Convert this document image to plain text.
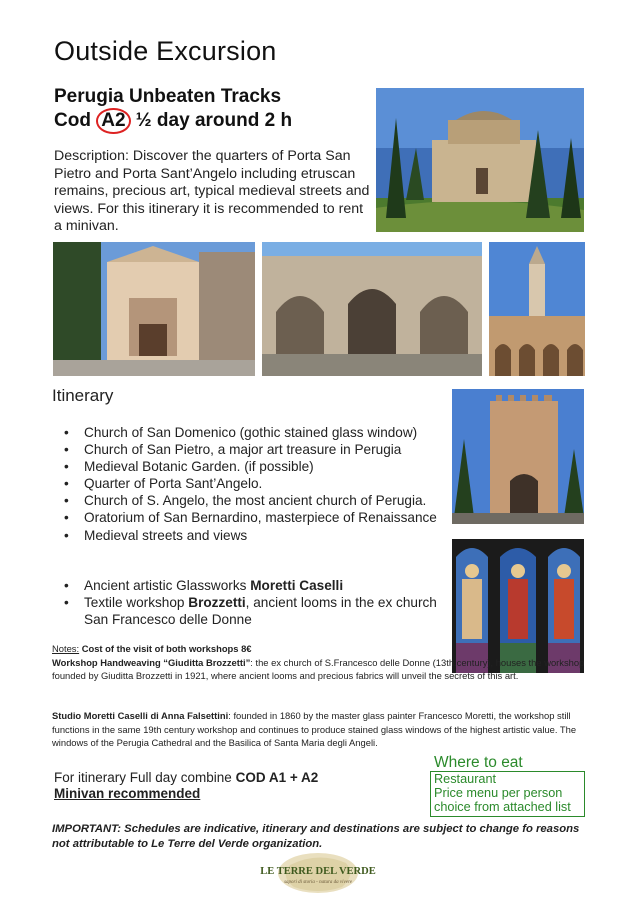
Outside Excursion
Perugia Unbeaten Tracks
Cod A2 ½ day around 2 h
Description: Discover the quarters of Porta San Pietro and Porta Sant’Angelo including etruscan remains, precious art, typical medieval streets and views. For this itinerary it is recommended to rent a minivan.
Itinerary
• Church of San Domenico (gothic stained glass window)
• Church of San Pietro, a major art treasure in Perugia
• Medieval Botanic Garden. (if possible)
• Quarter of Porta Sant’Angelo.
• Church of S. Angelo, the most ancient church of Perugia.
• Oratorium of San Bernardino, masterpiece of Renaissance
• Medieval streets and views
• Ancient artistic Glassworks Moretti Caselli
• Textile workshop Brozzetti, ancient looms in the ex church
San Francesco delle Donne
Notes: Cost of the visit of both workshops 8€
Workshop Handweaving “Giuditta Brozzetti”: the ex church of S.Francesco delle Donne (13th.century), houses the workshop founded by Giuditta Brozzetti in 1921, where ancient looms and precious fabrics will unveil the secrets of this art.
Studio Moretti Caselli di Anna Falsettini: founded in 1860 by the master glass painter Francesco Moretti, the workshop still functions in the same 19th century workshop and continues to produce stained glass windows of the highest artistic value. The windows of the Perugia Cathedral and the Basilica of Santa Maria degli Angeli.
For itinerary Full day combine COD A1 + A2
Minivan recommended
Where to eat
Restaurant
Price menu per person
choice from attached list
IMPORTANT: Schedules are indicative, itinerary and destinations are subject to change fo reasons not attributable to Le Terre del Verde organization.
LE TERRE DEL VERDE
sapori di storia - natura da vivere
